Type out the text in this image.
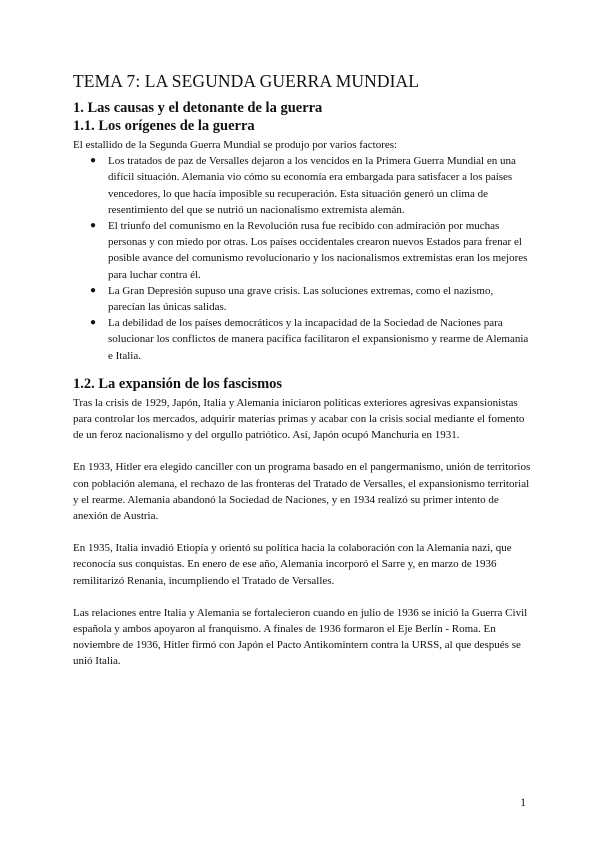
TEMA 7: LA SEGUNDA GUERRA MUNDIAL
1. Las causas y el detonante de la guerra
1.1. Los orígenes de la guerra

El estallido de la Segunda Guerra Mundial se produjo por varios factores:

● Los tratados de paz de Versalles dejaron a los vencidos en la Primera Guerra Mundial en una difícil situación. Alemania vio cómo su economía era embargada para satisfacer a los países vencedores, lo que hacía imposible su recuperación. Esta situación generó un clima de resentimiento del que se nutrió un nacionalismo extremista alemán.
● El triunfo del comunismo en la Revolución rusa fue recibido con admiración por muchas personas y con miedo por otras. Los países occidentales crearon nuevos Estados para frenar el posible avance del comunismo revolucionario y los nacionalismos extremistas eran los mejores para luchar contra él.
● La Gran Depresión supuso una grave crisis. Las soluciones extremas, como el nazismo, parecían las únicas salidas.
● La debilidad de los países democráticos y la incapacidad de la Sociedad de Naciones para solucionar los conflictos de manera pacífica facilitaron el expansionismo y rearme de Alemania e Italia.
1.2. La expansión de los fascismos

Tras la crisis de 1929, Japón, Italia y Alemania iniciaron políticas exteriores agresivas expansionistas para controlar los mercados, adquirir materias primas y acabar con la crisis social mediante el fomento de un feroz nacionalismo y del orgullo patriótico. Así, Japón ocupó Manchuria en 1931.

En 1933, Hitler era elegido canciller con un programa basado en el pangermanismo, unión de territorios con población alemana, el rechazo de las fronteras del Tratado de Versalles, el expansionismo territorial y el rearme. Alemania abandonó la Sociedad de Naciones, y en 1934 realizó su primer intento de anexión de Austria.

En 1935, Italia invadió Etiopía y orientó su política hacia la colaboración con la Alemania nazi, que reconocía sus conquistas. En enero de ese año, Alemania incorporó el Sarre y, en marzo de 1936 remilitarizó Renania, incumpliendo el Tratado de Versalles.

Las relaciones entre Italia y Alemania se fortalecieron cuando en julio de 1936 se inició la Guerra Civil española y ambos apoyaron al franquismo. A finales de 1936 formaron el Eje Berlín - Roma. En noviembre de 1936, Hitler firmó con Japón el Pacto Antikomintern contra la URSS, al que después se unió Italia.

1
